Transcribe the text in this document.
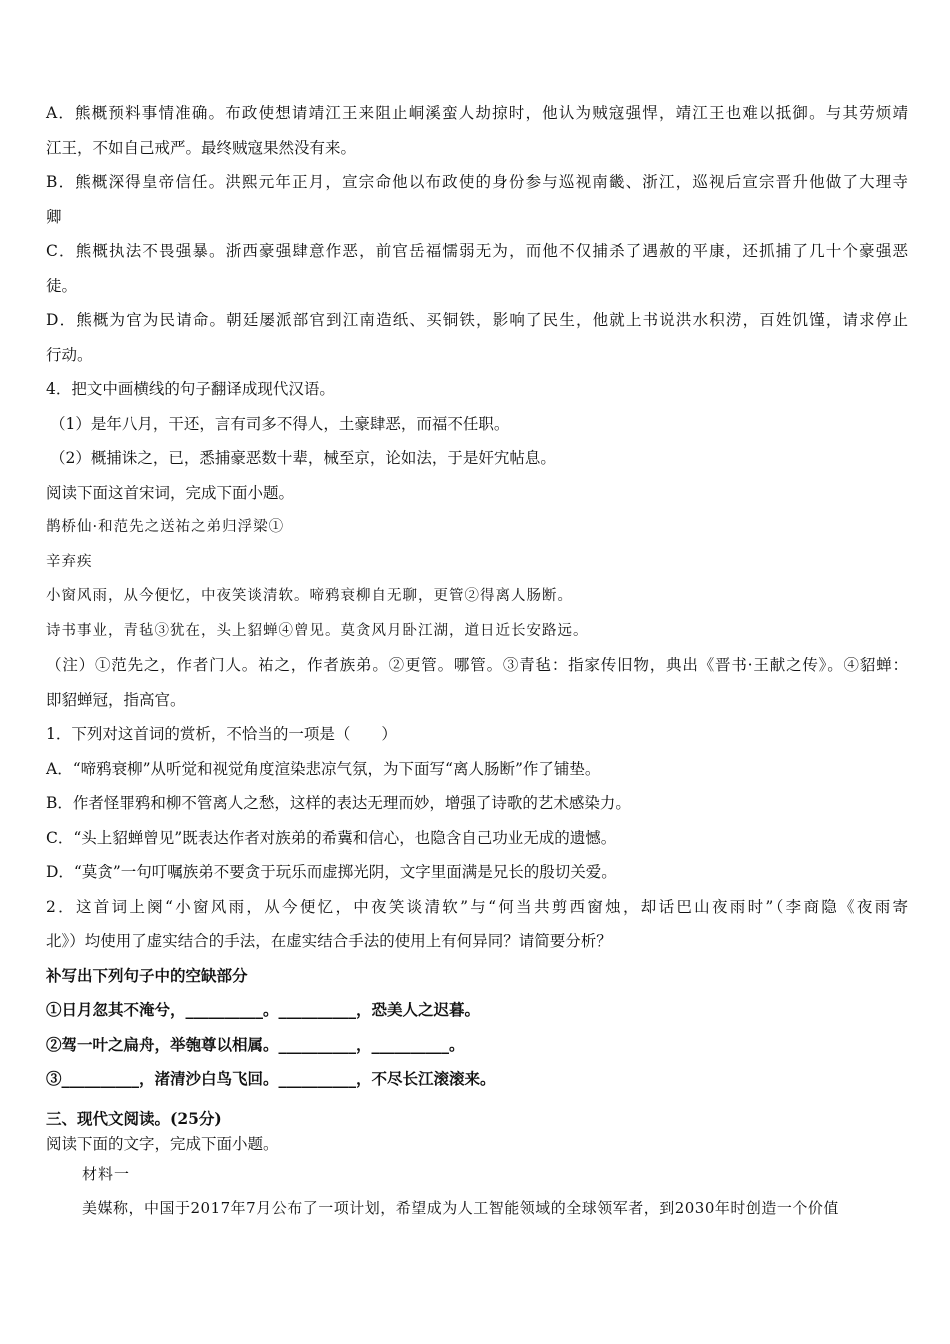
A．熊概预料事情准确。布政使想请靖江王来阻止峒溪蛮人劫掠时，他认为贼寇强悍，靖江王也难以抵御。与其劳烦靖
江王，不如自己戒严。最终贼寇果然没有来。
B．熊概深得皇帝信任。洪熙元年正月，宣宗命他以布政使的身份参与巡视南畿、浙江，巡视后宣宗晋升他做了大理寺
卿
C．熊概执法不畏强暴。浙西豪强肆意作恶，前官岳福懦弱无为，而他不仅捕杀了遇赦的平康，还抓捕了几十个豪强恶
徒。
D．熊概为官为民请命。朝廷屡派部官到江南造纸、买铜铁，影响了民生，他就上书说洪水积涝，百姓饥馑，请求停止
行动。
4．把文中画横线的句子翻译成现代汉语。
（1）是年八月，干还，言有司多不得人，土豪肆恶，而福不任职。
（2）概捕诛之，已，悉捕豪恶数十辈，械至京，论如法，于是奸宄帖息。
阅读下面这首宋词，完成下面小题。
鹊桥仙·和范先之送祐之弟归浮梁①
辛弃疾
小窗风雨，从今便忆，中夜笑谈清软。啼鸦衰柳自无聊，更管②得离人肠断。
诗书事业，青毡③犹在，头上貂蝉④曾见。莫贪风月卧江湖，道日近长安路远。
（注）①范先之，作者门人。祐之，作者族弟。②更管。哪管。③青毡：指家传旧物，典出《晋书·王献之传》。④貂蝉：
即貂蝉冠，指高官。
1．下列对这首词的赏析，不恰当的一项是（　　）
A．“啼鸦衰柳”从听觉和视觉角度渲染悲凉气氛，为下面写“离人肠断”作了铺垫。
B．作者怪罪鸦和柳不管离人之愁，这样的表达无理而妙，增强了诗歌的艺术感染力。
C．“头上貂蝉曾见”既表达作者对族弟的希冀和信心，也隐含自己功业无成的遗憾。
D．“莫贪”一句叮嘱族弟不要贪于玩乐而虚掷光阴，文字里面满是兄长的殷切关爱。
2．这首词上阕“小窗风雨，从今便忆，中夜笑谈清软”与“何当共剪西窗烛，却话巴山夜雨时”（李商隐《夜雨寄
北》）均使用了虚实结合的手法，在虚实结合手法的使用上有何异同？请简要分析？
补写出下列句子中的空缺部分
①日月忽其不淹兮，__________。__________，恐美人之迟暮。
②驾一叶之扁舟，举匏尊以相属。__________，__________。
③__________，渚清沙白鸟飞回。__________，不尽长江滚滚来。
三、现代文阅读。(25分)
阅读下面的文字，完成下面小题。
材料一
美媒称，中国于2017年7月公布了一项计划，希望成为人工智能领域的全球领军者，到2030年时创造一个价值
